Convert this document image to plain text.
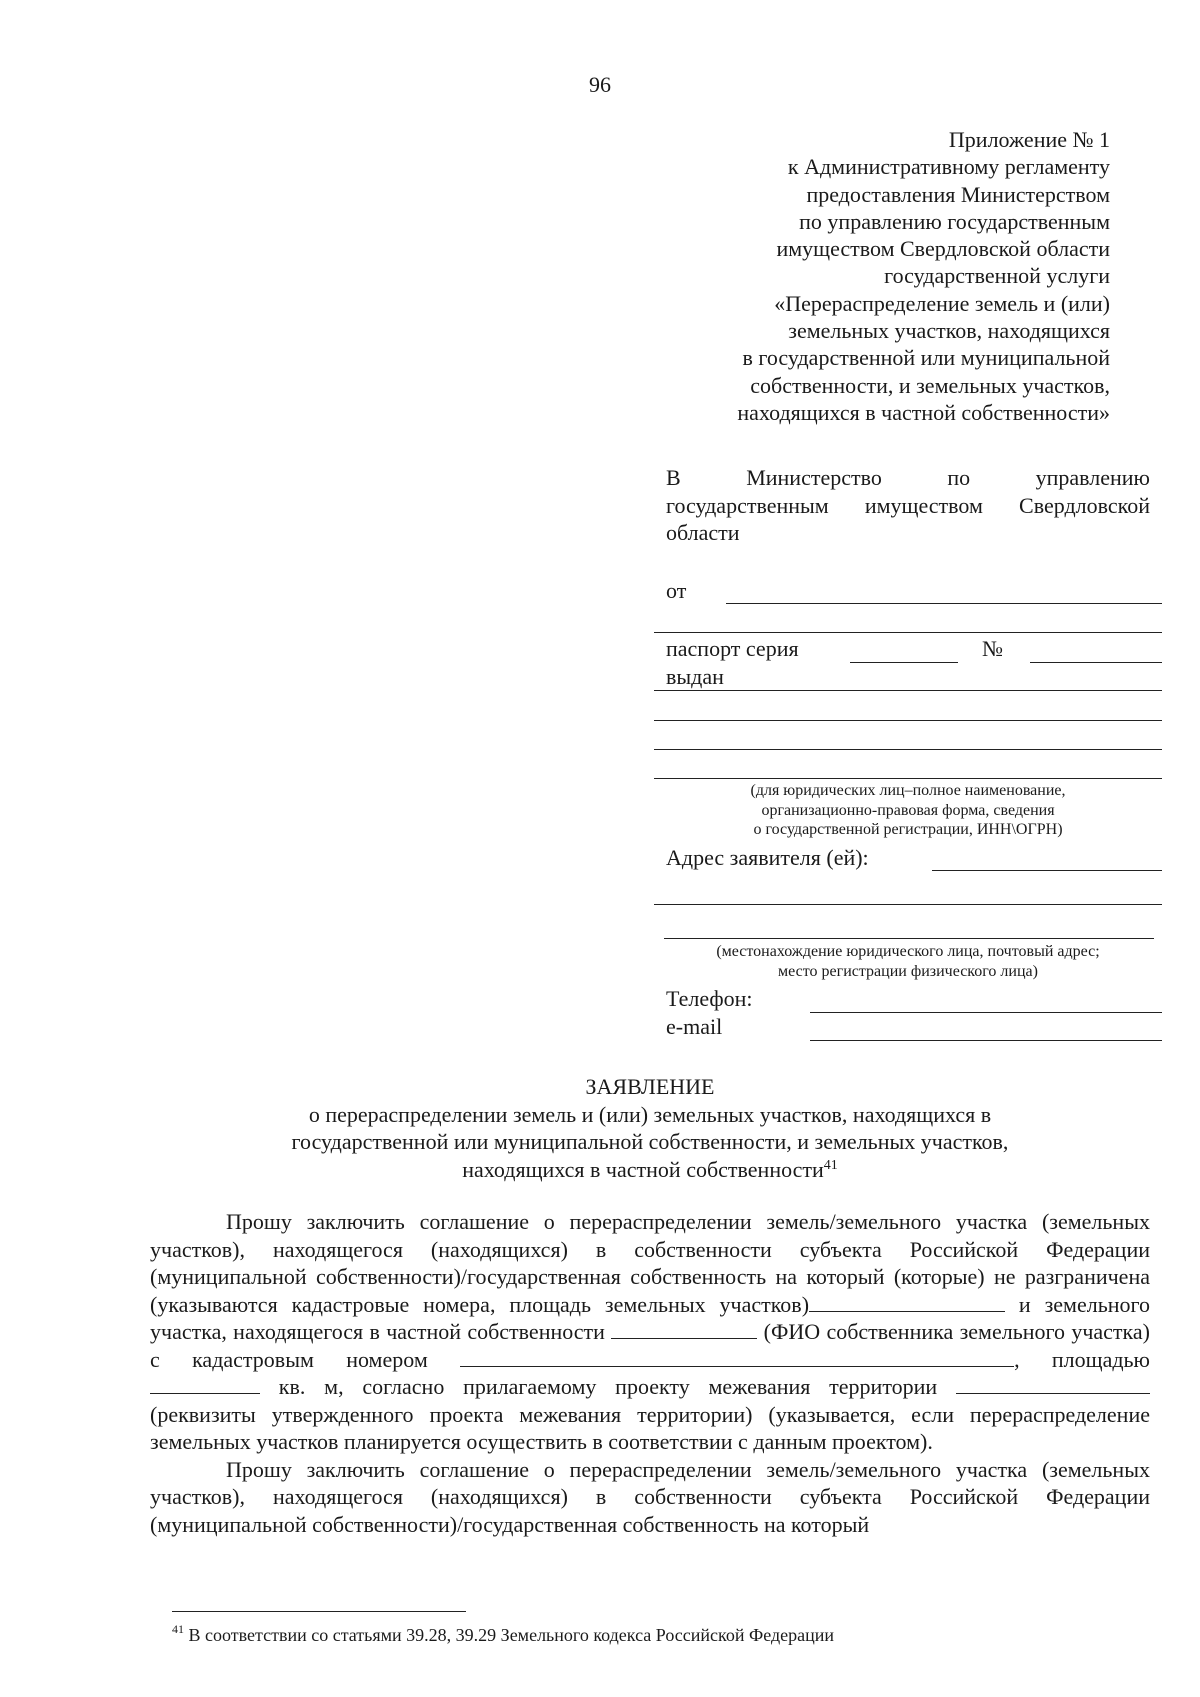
96
Приложение № 1
к Административному регламенту
предоставления Министерством
по управлению государственным
имуществом Свердловской области
государственной услуги
«Перераспределение земель и (или)
земельных участков, находящихся
в государственной или муниципальной
собственности, и земельных участков,
находящихся в частной собственности»
В Министерство по управлению
государственным имуществом Свердловской
области
от
паспорт серия	№
выдан
(для юридических лиц–полное наименование,
организационно-правовая форма, сведения
о государственной регистрации, ИНН\ОГРН)
Адрес заявителя (ей):
(местонахождение юридического лица, почтовый адрес;
место регистрации физического лица)
Телефон:
e-mail
ЗАЯВЛЕНИЕ
о перераспределении земель и (или) земельных участков, находящихся в
государственной или муниципальной собственности, и земельных участков,
находящихся в частной собственности$^{41}$

Прошу заключить соглашение о перераспределении земель/земельного участка (земельных участков), находящегося (находящихся) в собственности субъекта Российской Федерации (муниципальной собственности)/государственная собственность на который (которые) не разграничена (указываются кадастровые номера, площадь земельных участков)	и земельного участка, находящегося в частной собственности	(ФИО собственника земельного участка) с кадастровым номером	, площадью  кв. м, согласно прилагаемому проекту межевания территории  (реквизиты утвержденного проекта межевания территории) (указывается, если перераспределение земельных участков планируется осуществить в соответствии с данным проектом).

Прошу заключить соглашение о перераспределении земель/земельного участка (земельных участков), находящегося (находящихся) в собственности субъекта Российской Федерации (муниципальной собственности)/государственная собственность на который

$^{41}$ В соответствии со статьями 39.28, 39.29 Земельного кодекса Российской Федерации
